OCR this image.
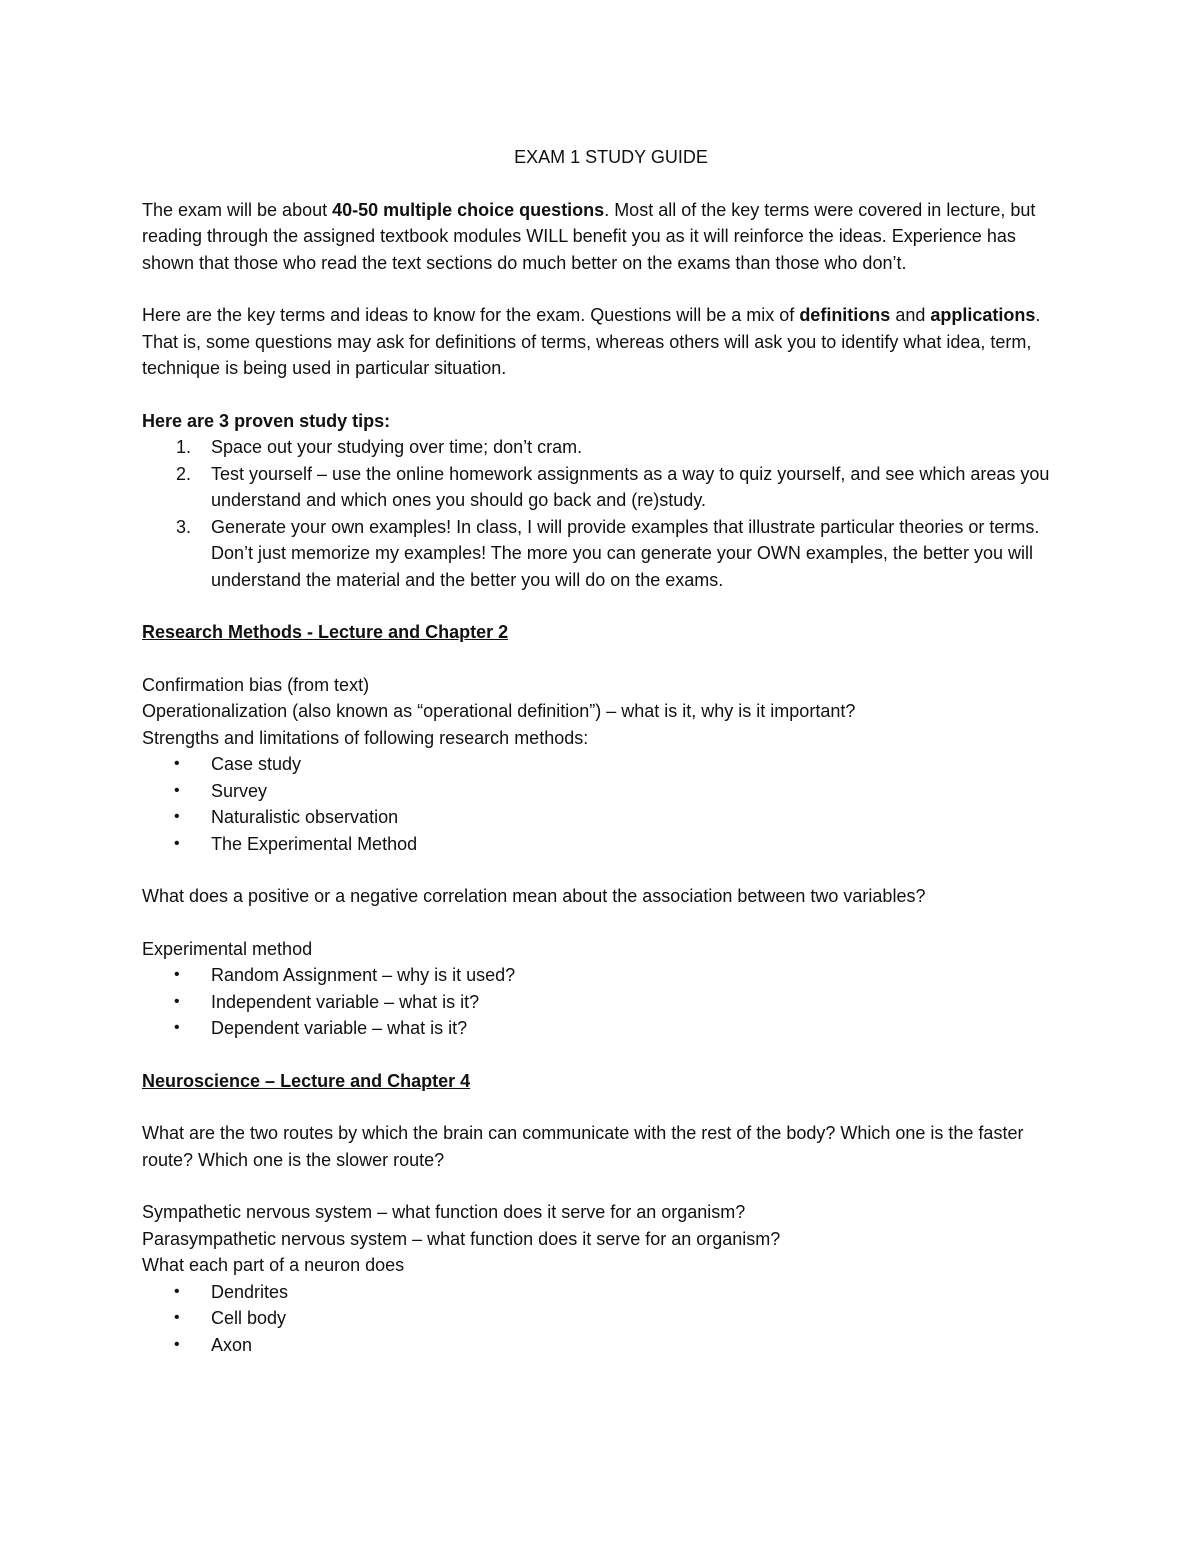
EXAM 1 STUDY GUIDE

The exam will be about 40-50 multiple choice questions. Most all of the key terms were covered in lecture, but reading through the assigned textbook modules WILL benefit you as it will reinforce the ideas. Experience has shown that those who read the text sections do much better on the exams than those who don’t.

Here are the key terms and ideas to know for the exam. Questions will be a mix of definitions and applications. That is, some questions may ask for definitions of terms, whereas others will ask you to identify what idea, term, technique is being used in particular situation.

Here are 3 proven study tips:

1. Space out your studying over time; don’t cram.
2. Test yourself – use the online homework assignments as a way to quiz yourself, and see which areas you understand and which ones you should go back and (re)study.
3. Generate your own examples! In class, I will provide examples that illustrate particular theories or terms. Don’t just memorize my examples! The more you can generate your OWN examples, the better you will understand the material and the better you will do on the exams.

Research Methods - Lecture and Chapter 2

Confirmation bias (from text)

Operationalization (also known as “operational definition”) – what is it, why is it important?

Strengths and limitations of following research methods:

• Case study
• Survey
• Naturalistic observation
• The Experimental Method

What does a positive or a negative correlation mean about the association between two variables?

Experimental method

• Random Assignment – why is it used?
• Independent variable – what is it?
• Dependent variable – what is it?

Neuroscience – Lecture and Chapter 4

What are the two routes by which the brain can communicate with the rest of the body? Which one is the faster route? Which one is the slower route?

Sympathetic nervous system – what function does it serve for an organism?

Parasympathetic nervous system – what function does it serve for an organism?

What each part of a neuron does

• Dendrites
• Cell body
• Axon
